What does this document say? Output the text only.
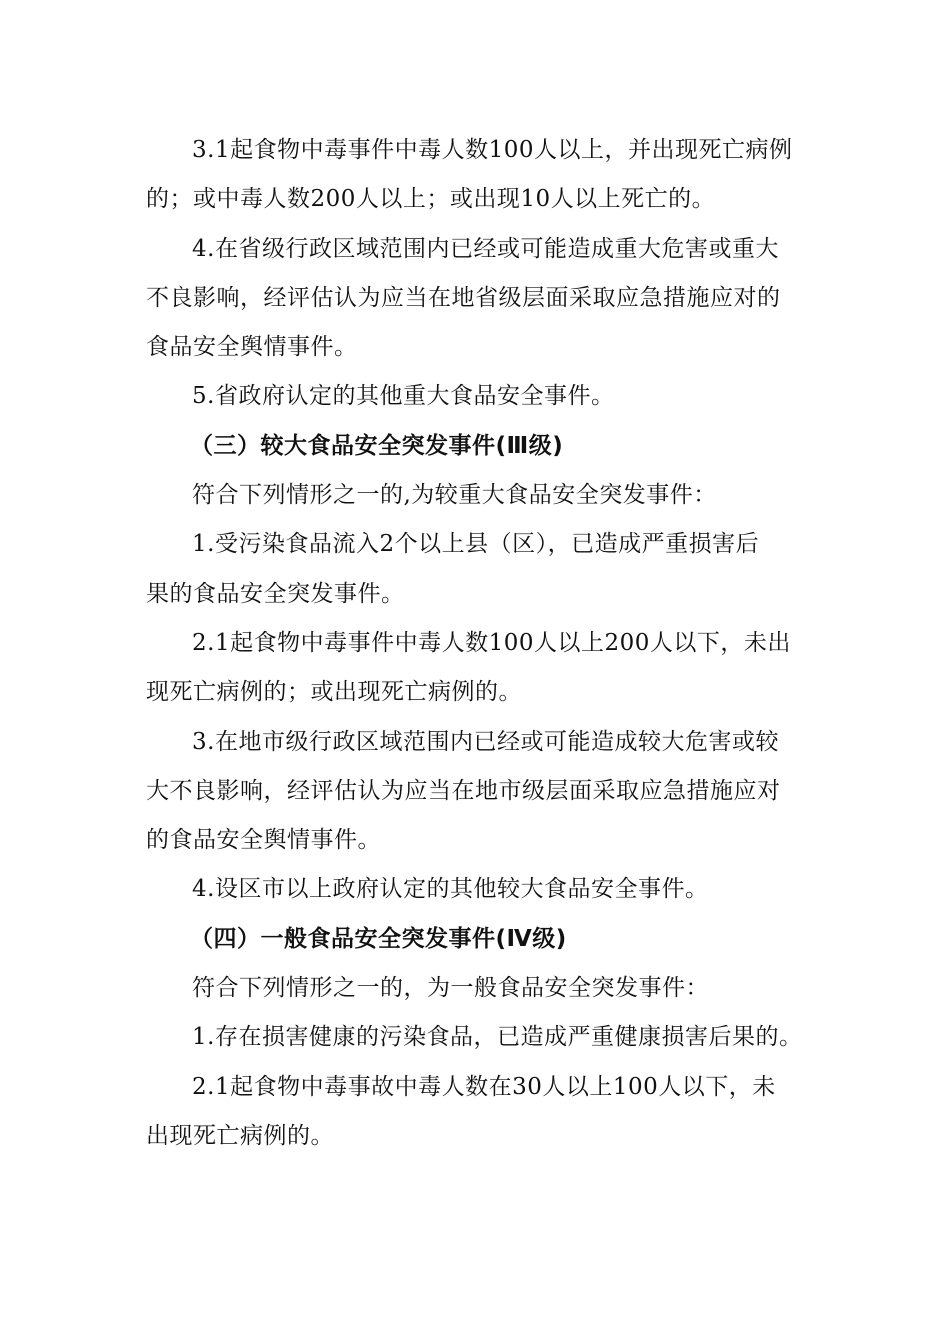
3.1起食物中毒事件中毒人数100人以上，并出现死亡病例
的；或中毒人数200人以上；或出现10人以上死亡的。
4.在省级行政区域范围内已经或可能造成重大危害或重大
不良影响，经评估认为应当在地省级层面采取应急措施应对的
食品安全舆情事件。
5.省政府认定的其他重大食品安全事件。
（三）较大食品安全突发事件(Ⅲ级)
符合下列情形之一的,为较重大食品安全突发事件：
1.受污染食品流入2个以上县（区），已造成严重损害后
果的食品安全突发事件。
2.1起食物中毒事件中毒人数100人以上200人以下，未出
现死亡病例的；或出现死亡病例的。
3.在地市级行政区域范围内已经或可能造成较大危害或较
大不良影响，经评估认为应当在地市级层面采取应急措施应对
的食品安全舆情事件。
4.设区市以上政府认定的其他较大食品安全事件。
（四）一般食品安全突发事件(Ⅳ级)
符合下列情形之一的，为一般食品安全突发事件：
1.存在损害健康的污染食品，已造成严重健康损害后果的。
2.1起食物中毒事故中毒人数在30人以上100人以下，未
出现死亡病例的。
